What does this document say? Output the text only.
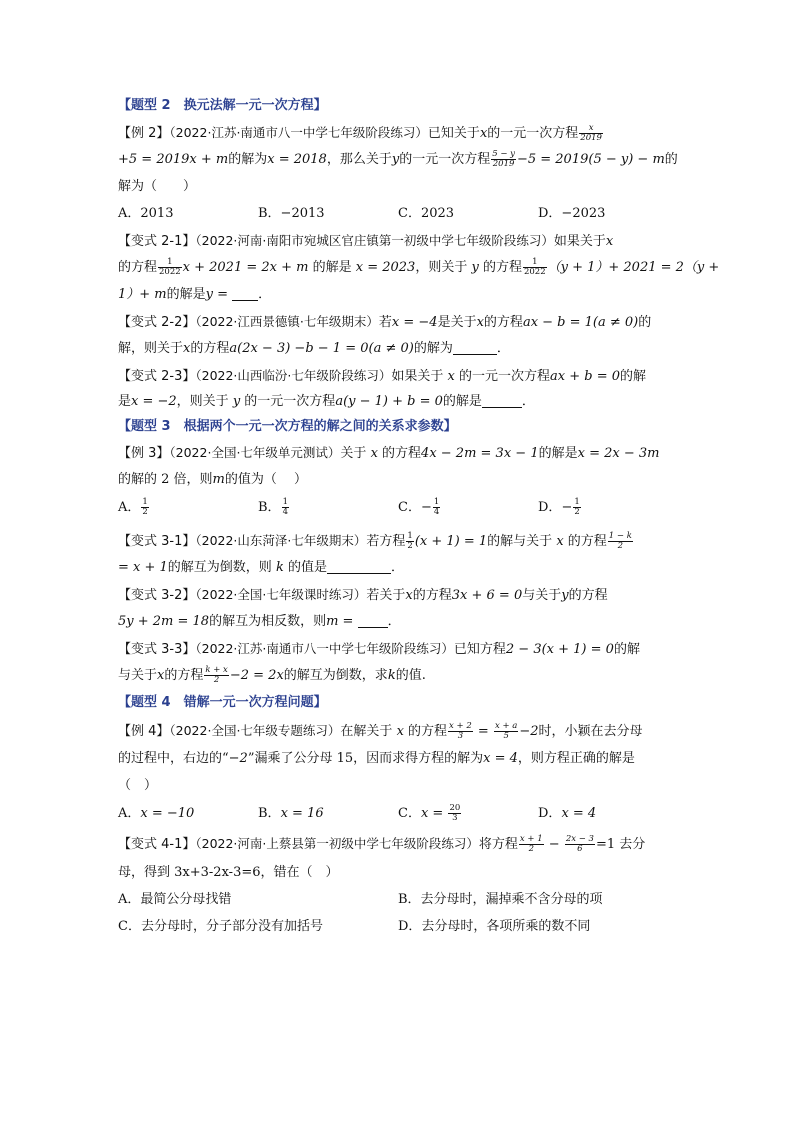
【题型 2　换元法解一元一次方程】
【例 2】（2022·江苏·南通市八一中学七年级阶段练习）已知关于x的一元一次方程 $\frac{x}{2019}$
+5 = 2019x + m的解为x = 2018，那么关于y的一元一次方程 $\frac{5 - y}{2019} -5 = 2019(5 - y) - m$的
解为（　　）
A．2013	B．−2013	C．2023	D．−2023
【变式 2-1】（2022·河南·南阳市宛城区官庄镇第一初级中学七年级阶段练习）如果关于x
的方程 $\frac{1}{2022}$ x + 2021 = 2x + m 的解是 x = 2023，则关于 y 的方程 $\frac{1}{2022} (y + 1)+ 2021 = 2(y$ +
1）+ m的解是y = ．
【变式 2-2】（2022·江西景德镇·七年级期末）若x = −4是关于x的方程ax − b = 1(a ≠ 0)的
解，则关于x的方程a(2x − 3) −b − 1 = 0(a ≠ 0)的解为	．
【变式 2-3】（2022·山西临汾·七年级阶段练习）如果关于 x 的一元一次方程ax + b = 0的解
是x = −2，则关于 y 的一元一次方程a(y − 1) + b = 0的解是	．
【题型 3　根据两个一元一次方程的解之间的关系求参数】
【例 3】（2022·全国·七年级单元测试）关于 x 的方程4x − 2m = 3x − 1的解是x = 2x − 3m
的解的 2 倍，则m的值为（　 ）
A． $\frac{1}{2}$	B． $\frac{1}{4}$	C．− $\frac{1}{4}$	D．− $\frac{1}{2}$
【变式 3-1】（2022·山东菏泽·七年级期末）若方程 $\frac{1}{2} (x + 1) = 1$的解与关于 x 的方程 $\frac{1 - k}{2}$
= x + 1的解互为倒数，则 k 的值是	．
【变式 3-2】（2022·全国·七年级课时练习）若关于x的方程3x + 6 = 0与关于y的方程
5y + 2m = 18的解互为相反数，则m = ．
【变式 3-3】（2022·江苏·南通市八一中学七年级阶段练习）已知方程2 − 3(x + 1) = 0的解
与关于x的方程 $\frac{k + x}{2} -2 = 2x$的解互为倒数，求k的值.
【题型 4　错解一元一次方程问题】
【例 4】（2022·全国·七年级专题练习）在解关于 x 的方程 $\frac{x + 2}{3} = \frac{x + a}{5} -2$时，小颖在去分母
的过程中，右边的“−2”漏乘了公分母 15，因而求得方程的解为x = 4，则方程正确的解是
（　）
A．x = −10	B．x = 16	C．$x = \frac{20}{3}$	D．x = 4
【变式 4-1】（2022·河南·上蔡县第一初级中学七年级阶段练习）将方程 $\frac{x + 1}{2} - \frac{2x - 3}{6} =1$ 去分
母，得到 3x+3-2x-3=6，错在（　）
A．最简公分母找错	B．去分母时，漏掉乘不含分母的项
C．去分母时，分子部分没有加括号	D．去分母时，各项所乘的数不同
